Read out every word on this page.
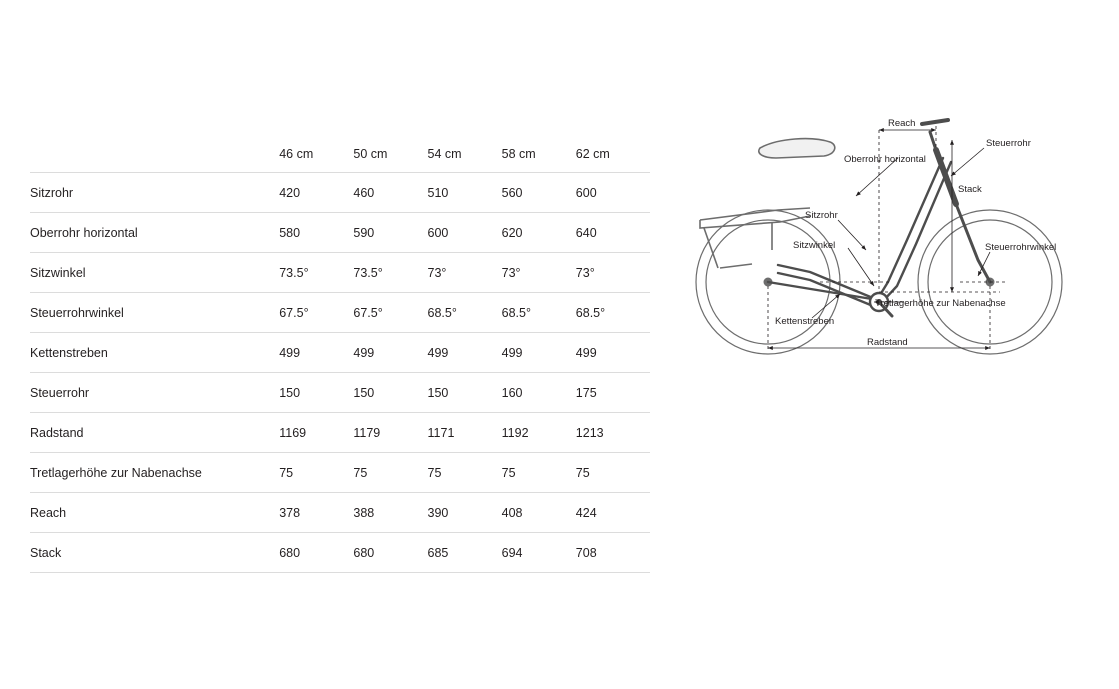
	46 cm	50 cm	54 cm	58 cm	62 cm
Sitzrohr	420	460	510	560	600
Oberrohr horizontal	580	590	600	620	640
Sitzwinkel	73.5°	73.5°	73°	73°	73°
Steuerrohrwinkel	67.5°	67.5°	68.5°	68.5°	68.5°
Kettenstreben	499	499	499	499	499
Steuerrohr	150	150	150	160	175
Radstand	1169	1179	1171	1192	1213
Tretlagerhöhe zur Nabenachse	75	75	75	75	75
Reach	378	388	390	408	424
Stack	680	680	685	694	708
Reach
Oberrohr horizontal
Steuerrohr
Stack
Sitzrohr
Sitzwinkel	Steuerrohrwinkel
Tretlagerhöhe zur Nabenachse
Kettenstreben
Radstand
